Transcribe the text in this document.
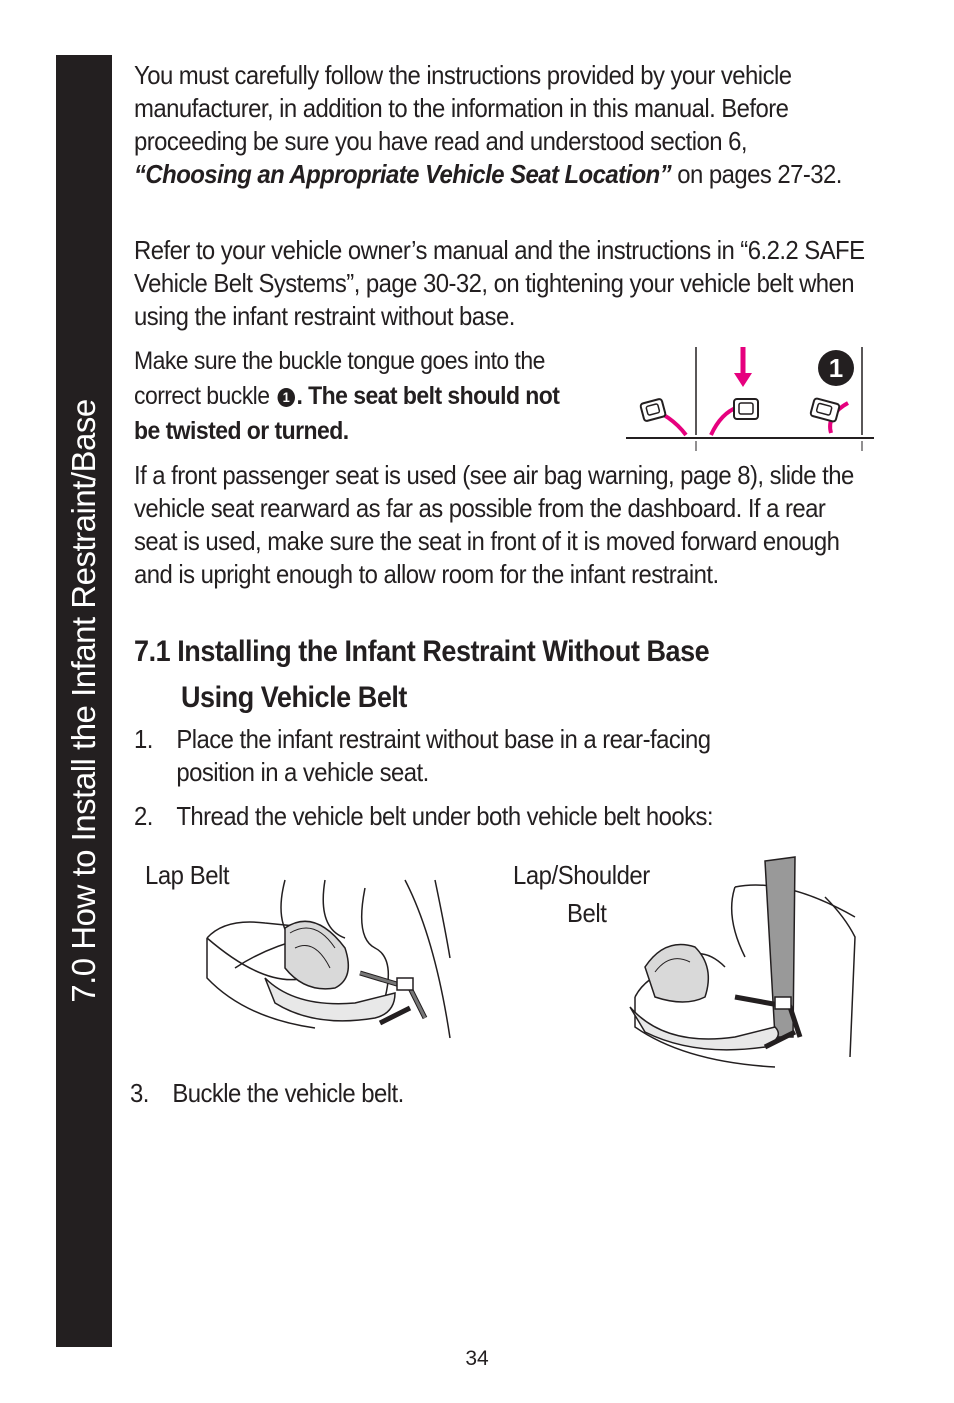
7.0 How to Install the Infant Restraint/Base

You must carefully follow the instructions provided by your vehicle manufacturer, in addition to the information in this manual. Before proceeding be sure you have read and understood section 6, “Choosing an Appropriate Vehicle Seat Location” on pages 27-32.

Refer to your vehicle owner’s manual and the instructions in “6.2.2 SAFE Vehicle Belt Systems”, page 30-32, on tightening your vehicle belt when using the infant restraint without base.

Make sure the buckle tongue goes into the
correct buckle 1 . The seat belt should not
be twisted or turned.
1

If a front passenger seat is used (see air bag warning, page 8), slide the vehicle seat rearward as far as possible from the dashboard. If a rear seat is used, make sure the seat in front of it is moved forward enough and is upright enough to allow room for the infant restraint.

7.1 Installing the Infant Restraint Without Base
Using Vehicle Belt
1. Place the infant restraint without base in a rear-facing
position in a vehicle seat.
2. Thread the vehicle belt under both vehicle belt hooks:
Lap Belt	Lap/Shoulder
Belt
3. Buckle the vehicle belt.
34
